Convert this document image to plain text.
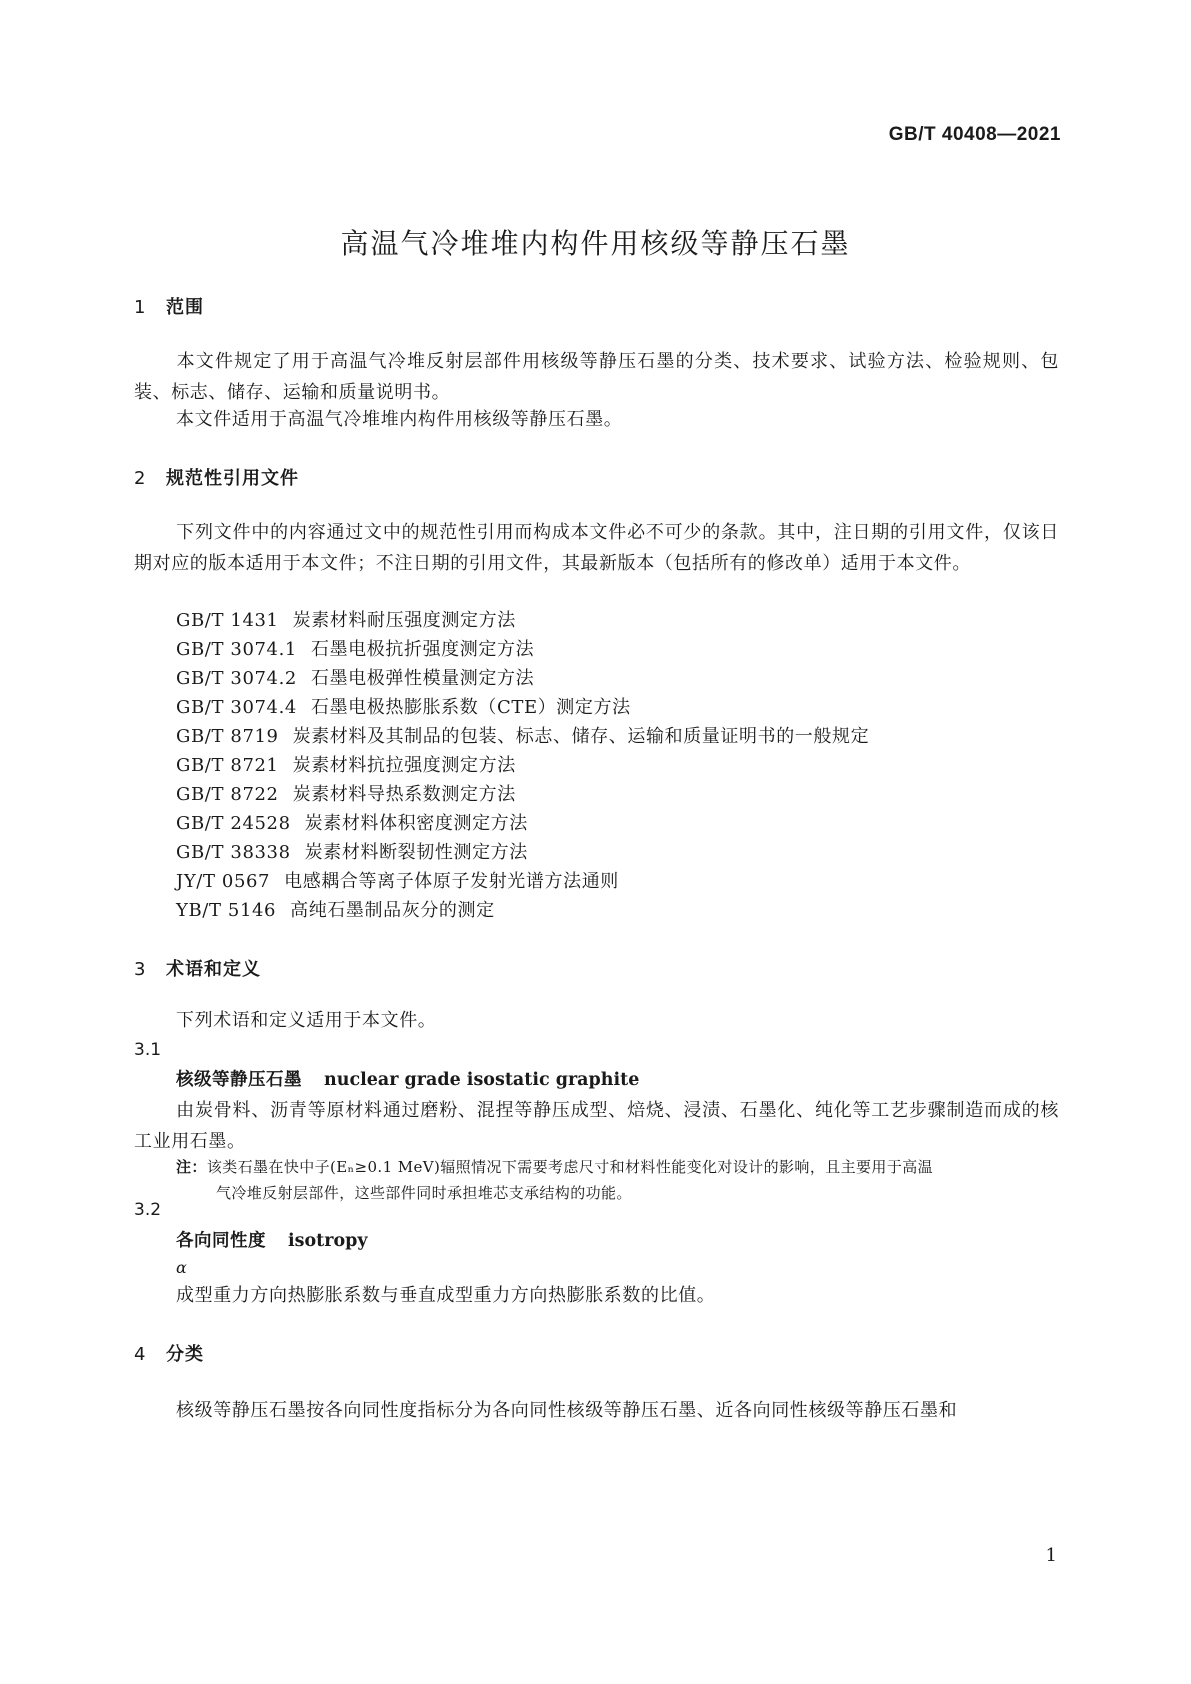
GB/T 40408—2021
高温气冷堆堆内构件用核级等静压石墨
1 范围
本文件规定了用于高温气冷堆反射层部件用核级等静压石墨的分类、技术要求、试验方法、检验规则、包装、标志、储存、运输和质量说明书。
本文件适用于高温气冷堆堆内构件用核级等静压石墨。
2 规范性引用文件
下列文件中的内容通过文中的规范性引用而构成本文件必不可少的条款。其中，注日期的引用文件，仅该日期对应的版本适用于本文件；不注日期的引用文件，其最新版本（包括所有的修改单）适用于本文件。
GB/T 1431 炭素材料耐压强度测定方法
GB/T 3074.1 石墨电极抗折强度测定方法
GB/T 3074.2 石墨电极弹性模量测定方法
GB/T 3074.4 石墨电极热膨胀系数（CTE）测定方法
GB/T 8719 炭素材料及其制品的包装、标志、储存、运输和质量证明书的一般规定
GB/T 8721 炭素材料抗拉强度测定方法
GB/T 8722 炭素材料导热系数测定方法
GB/T 24528 炭素材料体积密度测定方法
GB/T 38338 炭素材料断裂韧性测定方法
JY/T 0567 电感耦合等离子体原子发射光谱方法通则
YB/T 5146 高纯石墨制品灰分的测定
3 术语和定义
下列术语和定义适用于本文件。
3.1
核级等静压石墨 nuclear grade isostatic graphite
由炭骨料、沥青等原材料通过磨粉、混捏等静压成型、焙烧、浸渍、石墨化、纯化等工艺步骤制造而成的核工业用石墨。
注：该类石墨在快中子(Eₙ≥0.1 MeV)辐照情况下需要考虑尺寸和材料性能变化对设计的影响，且主要用于高温
气冷堆反射层部件，这些部件同时承担堆芯支承结构的功能。
3.2
各向同性度 isotropy
α
成型重力方向热膨胀系数与垂直成型重力方向热膨胀系数的比值。
4 分类
核级等静压石墨按各向同性度指标分为各向同性核级等静压石墨、近各向同性核级等静压石墨和
1
